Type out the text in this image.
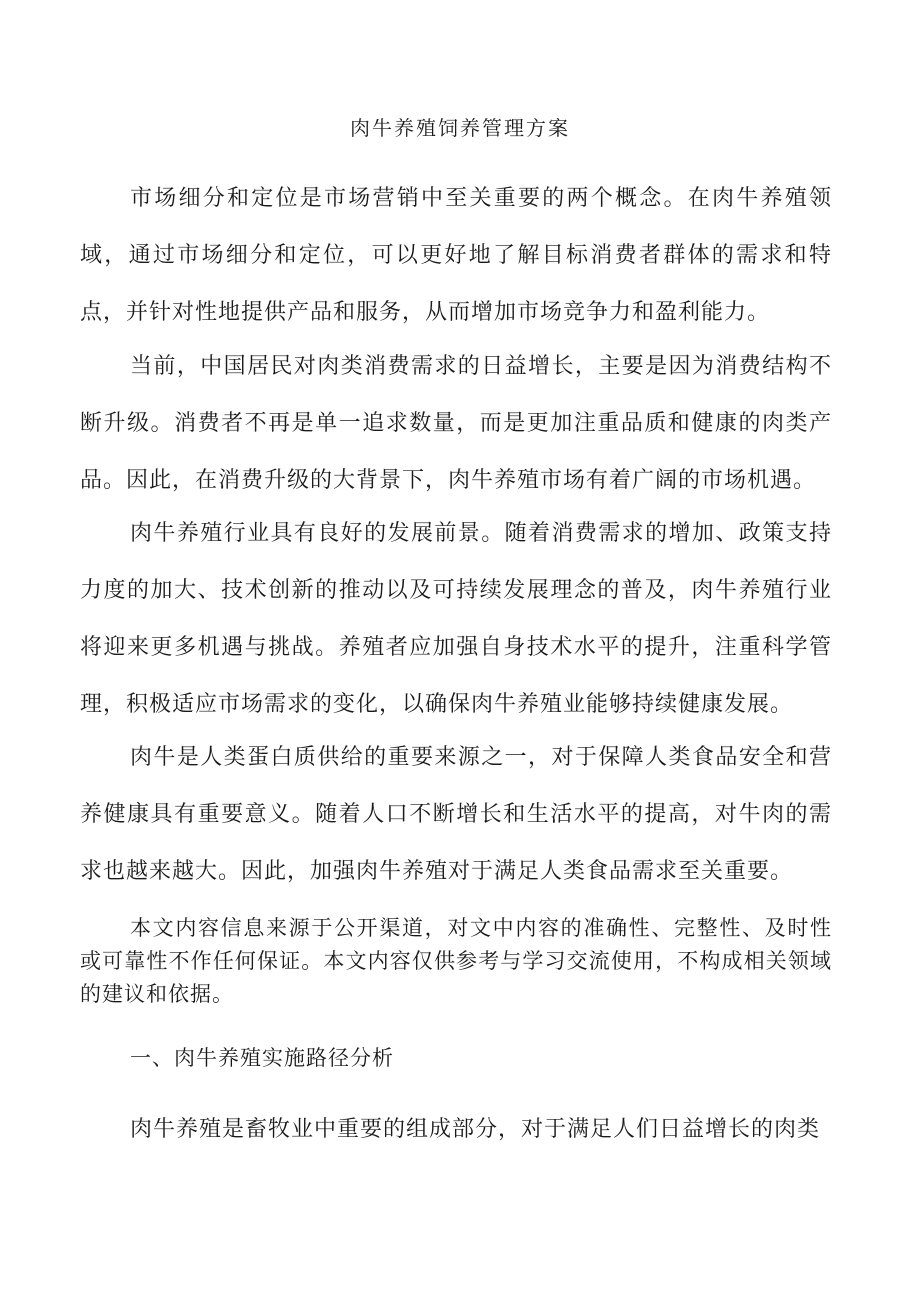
肉牛养殖饲养管理方案

市场细分和定位是市场营销中至关重要的两个概念。在肉牛养殖领域，通过市场细分和定位，可以更好地了解目标消费者群体的需求和特点，并针对性地提供产品和服务，从而增加市场竞争力和盈利能力。

当前，中国居民对肉类消费需求的日益增长，主要是因为消费结构不断升级。消费者不再是单一追求数量，而是更加注重品质和健康的肉类产品。因此，在消费升级的大背景下，肉牛养殖市场有着广阔的市场机遇。

肉牛养殖行业具有良好的发展前景。随着消费需求的增加、政策支持力度的加大、技术创新的推动以及可持续发展理念的普及，肉牛养殖行业将迎来更多机遇与挑战。养殖者应加强自身技术水平的提升，注重科学管理，积极适应市场需求的变化，以确保肉牛养殖业能够持续健康发展。

肉牛是人类蛋白质供给的重要来源之一，对于保障人类食品安全和营养健康具有重要意义。随着人口不断增长和生活水平的提高，对牛肉的需求也越来越大。因此，加强肉牛养殖对于满足人类食品需求至关重要。

本文内容信息来源于公开渠道，对文中内容的准确性、完整性、及时性或可靠性不作任何保证。本文内容仅供参考与学习交流使用，不构成相关领域的建议和依据。

一、肉牛养殖实施路径分析

肉牛养殖是畜牧业中重要的组成部分，对于满足人们日益增长的肉类
